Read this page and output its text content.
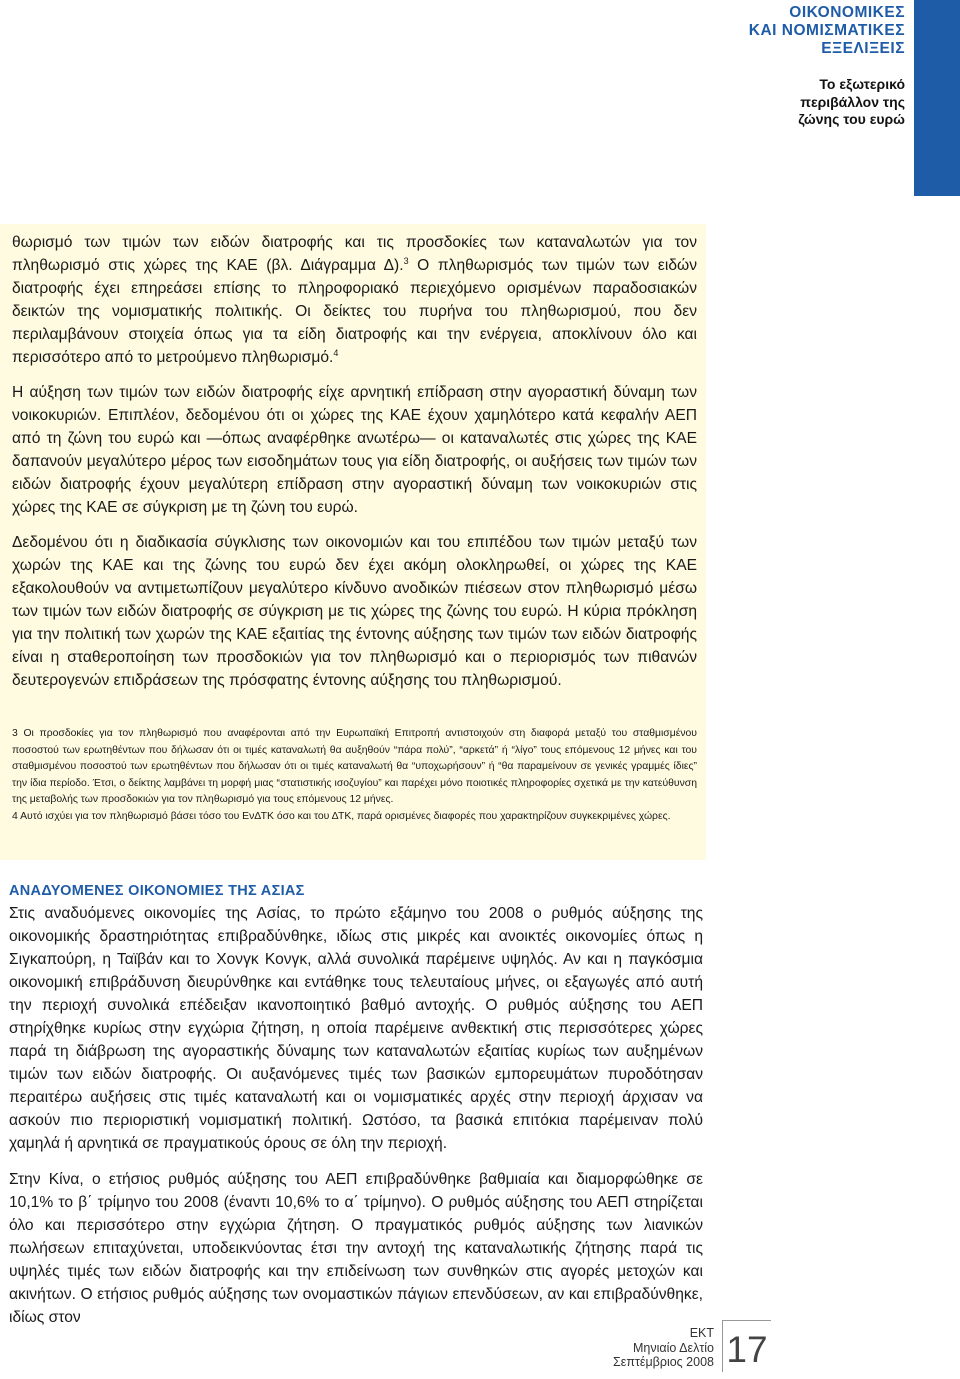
ΟΙΚΟΝΟΜΙΚΕΣ
ΚΑΙ ΝΟΜΙΣΜΑΤΙΚΕΣ
ΕΞΕΛΙΞΕΙΣ
Το εξωτερικό
περιβάλλον της
ζώνης του ευρώ

θωρισμό των τιμών των ειδών διατροφής και τις προσδοκίες των καταναλωτών για τον πληθωρισμό στις χώρες της ΚΑΕ (βλ. Διάγραμμα Δ).$^3$ Ο πληθωρισμός των τιμών των ειδών διατροφής έχει επηρεάσει επίσης το πληροφοριακό περιεχόμενο ορισμένων παραδοσιακών δεικτών της νομισματικής πολιτικής. Οι δείκτες του πυρήνα του πληθωρισμού, που δεν περιλαμβάνουν στοιχεία όπως για τα είδη διατροφής και την ενέργεια, αποκλίνουν όλο και περισσότερο από το μετρούμενο πληθωρισμό.$^4$

Η αύξηση των τιμών των ειδών διατροφής είχε αρνητική επίδραση στην αγοραστική δύναμη των νοικοκυριών. Επιπλέον, δεδομένου ότι οι χώρες της ΚΑΕ έχουν χαμηλότερο κατά κεφαλήν ΑΕΠ από τη ζώνη του ευρώ και —όπως αναφέρθηκε ανωτέρω— οι καταναλωτές στις χώρες της ΚΑΕ δαπανούν μεγαλύτερο μέρος των εισοδημάτων τους για είδη διατροφής, οι αυξήσεις των τιμών των ειδών διατροφής έχουν μεγαλύτερη επίδραση στην αγοραστική δύναμη των νοικοκυριών στις χώρες της ΚΑΕ σε σύγκριση με τη ζώνη του ευρώ.

Δεδομένου ότι η διαδικασία σύγκλισης των οικονομιών και του επιπέδου των τιμών μεταξύ των χωρών της ΚΑΕ και της ζώνης του ευρώ δεν έχει ακόμη ολοκληρωθεί, οι χώρες της ΚΑΕ εξακολουθούν να αντιμετωπίζουν μεγαλύτερο κίνδυνο ανοδικών πιέσεων στον πληθωρισμό μέσω των τιμών των ειδών διατροφής σε σύγκριση με τις χώρες της ζώνης του ευρώ. Η κύρια πρόκληση για την πολιτική των χωρών της ΚΑΕ εξαιτίας της έντονης αύξησης των τιμών των ειδών διατροφής είναι η σταθεροποίηση των προσδοκιών για τον πληθωρισμό και ο περιορισμός των πιθανών δευτερογενών επιδράσεων της πρόσφατης έντονης αύξησης του πληθωρισμού.

3 Οι προσδοκίες για τον πληθωρισμό που αναφέρονται από την Ευρωπαϊκή Επιτροπή αντιστοιχούν στη διαφορά μεταξύ του σταθμισμένου ποσοστού των ερωτηθέντων που δήλωσαν ότι οι τιμές καταναλωτή θα αυξηθούν “πάρα πολύ”, “αρκετά” ή “λίγο” τους επόμενους 12 μήνες και του σταθμισμένου ποσοστού των ερωτηθέντων που δήλωσαν ότι οι τιμές καταναλωτή θα “υποχωρήσουν” ή “θα παραμείνουν σε γενικές γραμμές ίδιες” την ίδια περίοδο. Έτσι, ο δείκτης λαμβάνει τη μορφή μιας “στατιστικής ισοζυγίου” και παρέχει μόνο ποιοτικές πληροφορίες σχετικά με την κατεύθυνση της μεταβολής των προσδοκιών για τον πληθωρισμό για τους επόμενους 12 μήνες.

4 Αυτό ισχύει για τον πληθωρισμό βάσει τόσο του ΕνΔΤΚ όσο και του ΔΤΚ, παρά ορισμένες διαφορές που χαρακτηρίζουν συγκεκριμένες χώρες.

ΑΝΑΔΥΟΜΕΝΕΣ ΟΙΚΟΝΟΜΙΕΣ ΤΗΣ ΑΣΙΑΣ

Στις αναδυόμενες οικονομίες της Ασίας, το πρώτο εξάμηνο του 2008 ο ρυθμός αύξησης της οικονομικής δραστηριότητας επιβραδύνθηκε, ιδίως στις μικρές και ανοικτές οικονομίες όπως η Σιγκαπούρη, η Ταϊβάν και το Χονγκ Κονγκ, αλλά συνολικά παρέμεινε υψηλός. Αν και η παγκόσμια οικονομική επιβράδυνση διευρύνθηκε και εντάθηκε τους τελευταίους μήνες, οι εξαγωγές από αυτή την περιοχή συνολικά επέδειξαν ικανοποιητικό βαθμό αντοχής. Ο ρυθμός αύξησης του ΑΕΠ στηρίχθηκε κυρίως στην εγχώρια ζήτηση, η οποία παρέμεινε ανθεκτική στις περισσότερες χώρες παρά τη διάβρωση της αγοραστικής δύναμης των καταναλωτών εξαιτίας κυρίως των αυξημένων τιμών των ειδών διατροφής. Οι αυξανόμενες τιμές των βασικών εμπορευμάτων πυροδότησαν περαιτέρω αυξήσεις στις τιμές καταναλωτή και οι νομισματικές αρχές στην περιοχή άρχισαν να ασκούν πιο περιοριστική νομισματική πολιτική. Ωστόσο, τα βασικά επιτόκια παρέμειναν πολύ χαμηλά ή αρνητικά σε πραγματικούς όρους σε όλη την περιοχή.

Στην Κίνα, ο ετήσιος ρυθμός αύξησης του ΑΕΠ επιβραδύνθηκε βαθμιαία και διαμορφώθηκε σε 10,1% το β΄ τρίμηνο του 2008 (έναντι 10,6% το α΄ τρίμηνο). Ο ρυθμός αύξησης του ΑΕΠ στηρίζεται όλο και περισσότερο στην εγχώρια ζήτηση. Ο πραγματικός ρυθμός αύξησης των λιανικών πωλήσεων επιταχύνεται, υποδεικνύοντας έτσι την αντοχή της καταναλωτικής ζήτησης παρά τις υψηλές τιμές των ειδών διατροφής και την επιδείνωση των συνθηκών στις αγορές μετοχών και ακινήτων. Ο ετήσιος ρυθμός αύξησης των ονομαστικών πάγιων επενδύσεων, αν και επιβραδύνθηκε, ιδίως στον

ΕΚΤ
Μηνιαίο Δελτίο
Σεπτέμβριος 2008 17
